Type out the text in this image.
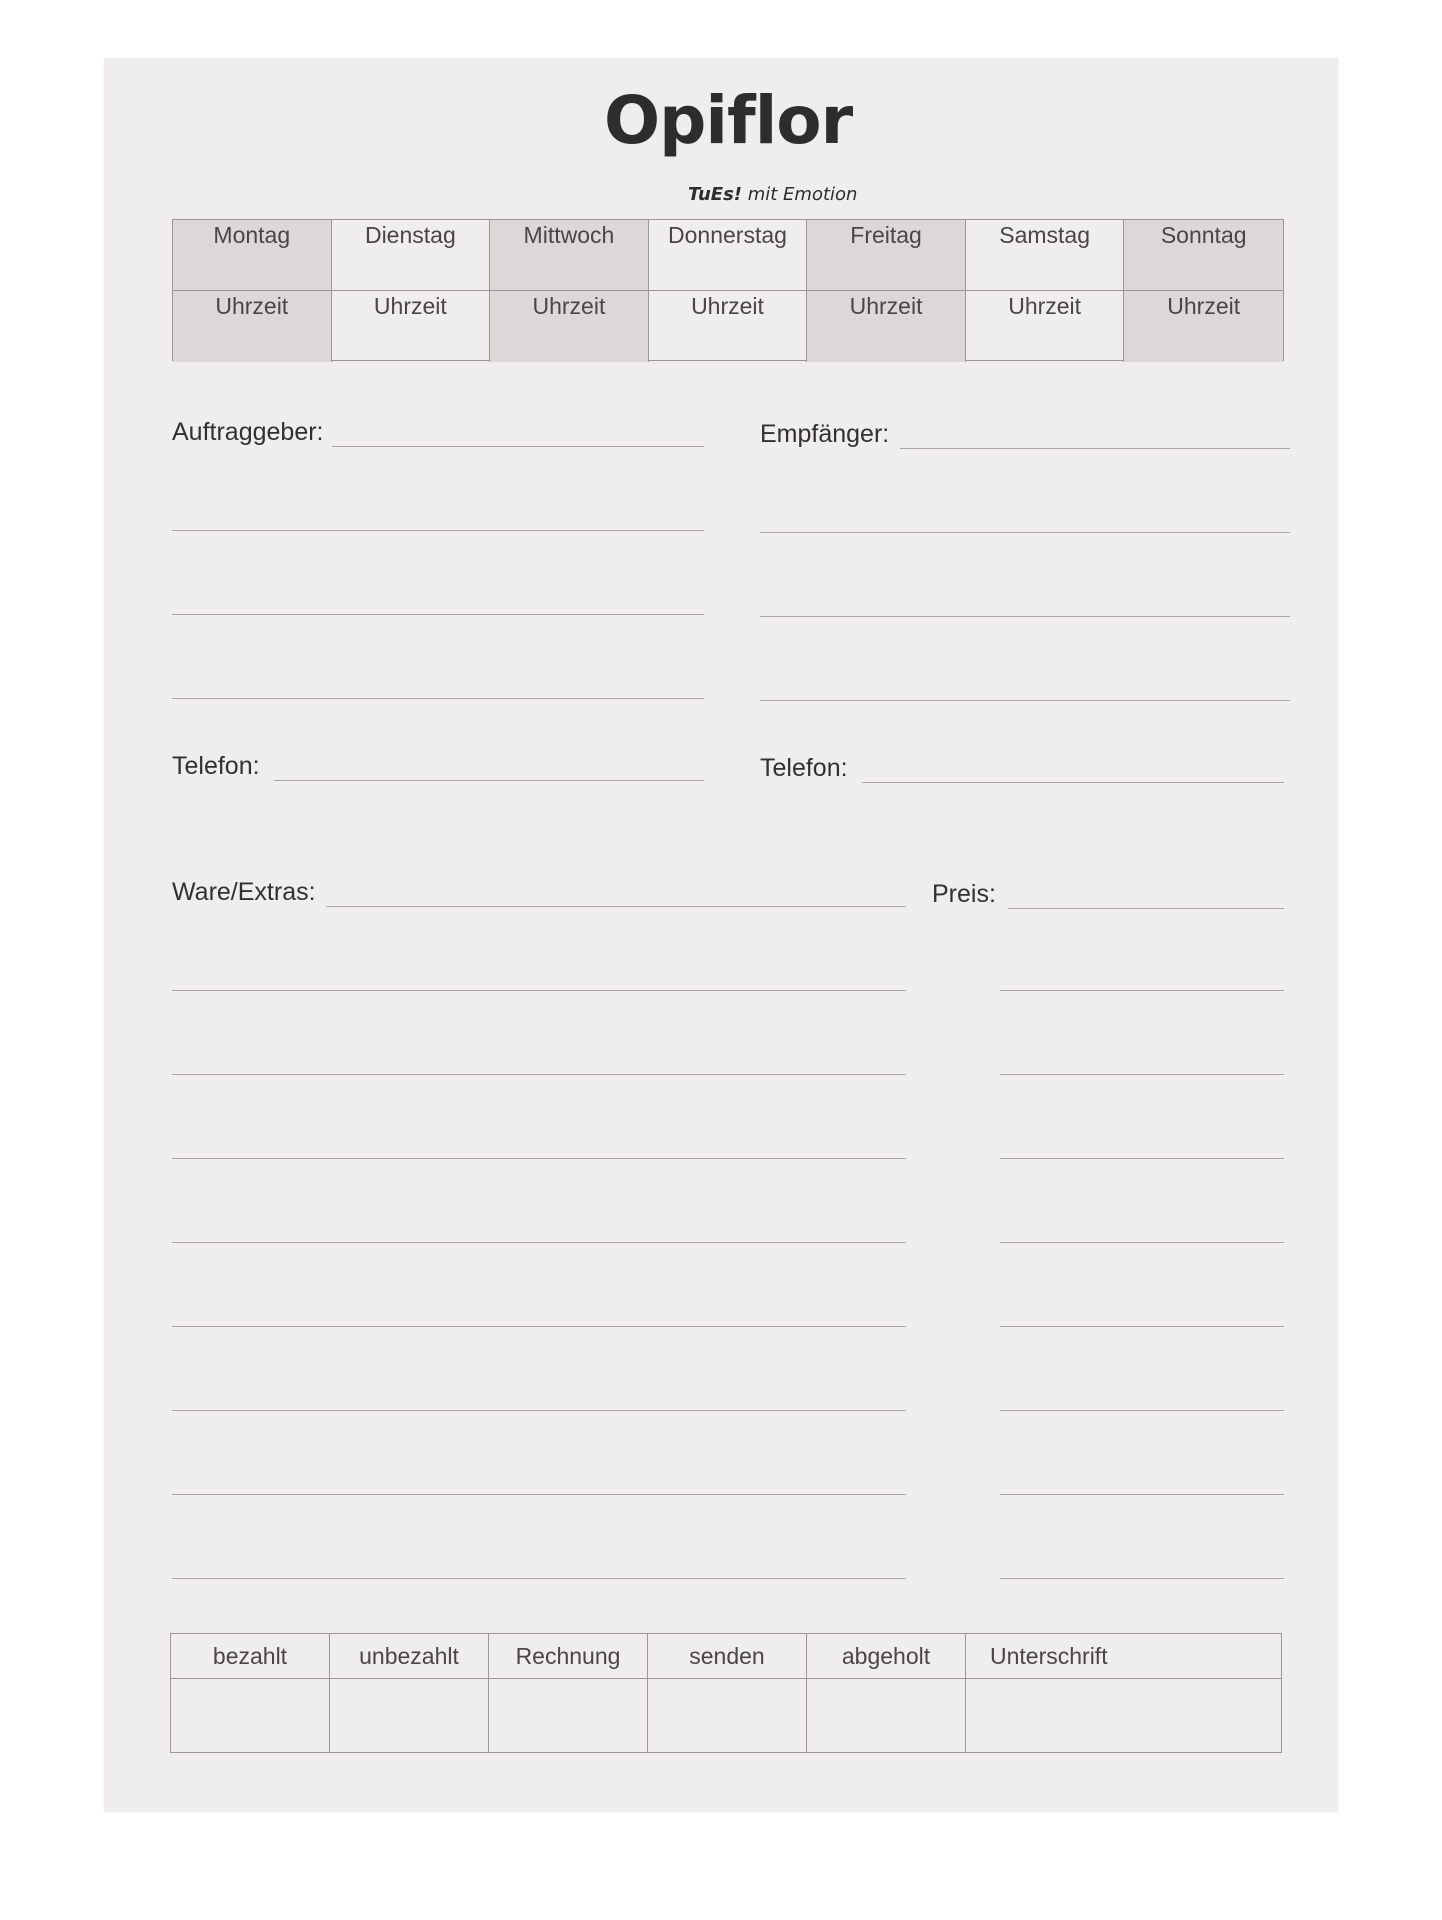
Opiflor
TuEs! mit Emotion
Montag	Dienstag	Mittwoch	Donnerstag	Freitag	Samstag	Sonntag
Uhrzeit	Uhrzeit	Uhrzeit	Uhrzeit	Uhrzeit	Uhrzeit	Uhrzeit
Auftraggeber:	Empfänger:
Telefon:	Telefon:
Ware/Extras:	Preis:
bezahlt	unbezahlt	Rechnung	senden	abgeholt	Unterschrift
